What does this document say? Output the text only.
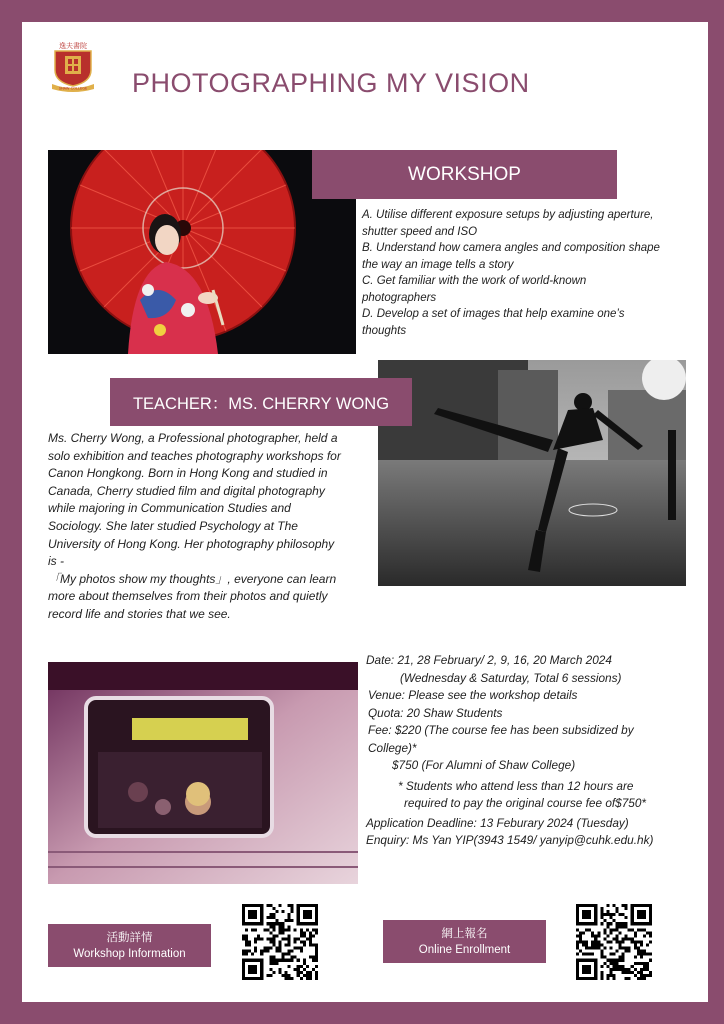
逸夫書院
SHAW COLLEGE PHOTOGRAPHING MY VISION
WORKSHOP
A. Utilise different exposure setups by adjusting aperture,
shutter speed and ISO
B. Understand how camera angles and composition shape
the way an image tells a story
C. Get familiar with the work of world-known
photographers
D. Develop a set of images that help examine one’s
thoughts
TEACHER：MS. CHERRY WONG
Ms. Cherry Wong, a Professional photographer, held a
solo exhibition and teaches photography workshops for
Canon Hongkong. Born in Hong Kong and studied in
Canada, Cherry studied film and digital photography
while majoring in Communication Studies and
Sociology. She later studied Psychology at The
University of Hong Kong. Her photography philosophy
is -
「My photos show my thoughts」, everyone can learn
more about themselves from their photos and quietly
record life and stories that we see.
Date: 21, 28 February/ 2, 9, 16, 20 March 2024
(Wednesday & Saturday, Total 6 sessions)
Venue: Please see the workshop details
Quota: 20 Shaw Students
Fee: $220 (The course fee has been subsidized by
College)*
$750 (For Alumni of Shaw College)
* Students who attend less than 12 hours are
required to pay the original course fee of$750*
Application Deadline: 13 Feburary 2024 (Tuesday)
Enquiry: Ms Yan YIP(3943 1549/ yanyip@cuhk.edu.hk)
活動詳情
Workshop Information
網上報名
Online Enrollment
